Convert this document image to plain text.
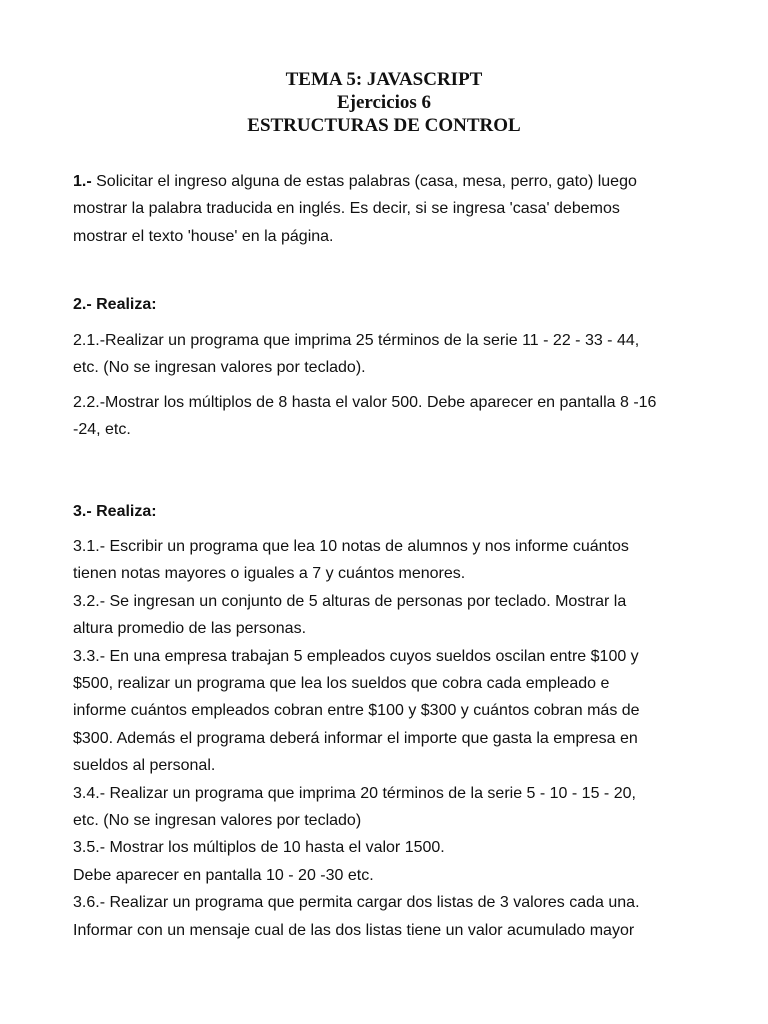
TEMA 5: JAVASCRIPT
Ejercicios 6
ESTRUCTURAS DE CONTROL
1.- Solicitar el ingreso alguna de estas palabras (casa, mesa, perro, gato) luego
mostrar la palabra traducida en inglés. Es decir, si se ingresa 'casa' debemos
mostrar el texto 'house' en la página.
2.- Realiza:
2.1.-Realizar un programa que imprima 25 términos de la serie 11 - 22 - 33 - 44,
etc. (No se ingresan valores por teclado).
2.2.-Mostrar los múltiplos de 8 hasta el valor 500. Debe aparecer en pantalla 8 -16
-24, etc.
3.- Realiza:
3.1.- Escribir un programa que lea 10 notas de alumnos y nos informe cuántos
tienen notas mayores o iguales a 7 y cuántos menores.
3.2.- Se ingresan un conjunto de 5 alturas de personas por teclado. Mostrar la
altura promedio de las personas.
3.3.- En una empresa trabajan 5 empleados cuyos sueldos oscilan entre $100 y
$500, realizar un programa que lea los sueldos que cobra cada empleado e
informe cuántos empleados cobran entre $100 y $300 y cuántos cobran más de
$300. Además el programa deberá informar el importe que gasta la empresa en
sueldos al personal.
3.4.- Realizar un programa que imprima 20 términos de la serie 5 - 10 - 15 - 20,
etc. (No se ingresan valores por teclado)
3.5.- Mostrar los múltiplos de 10 hasta el valor 1500.
Debe aparecer en pantalla 10 - 20 -30 etc.
3.6.- Realizar un programa que permita cargar dos listas de 3 valores cada una.
Informar con un mensaje cual de las dos listas tiene un valor acumulado mayor
